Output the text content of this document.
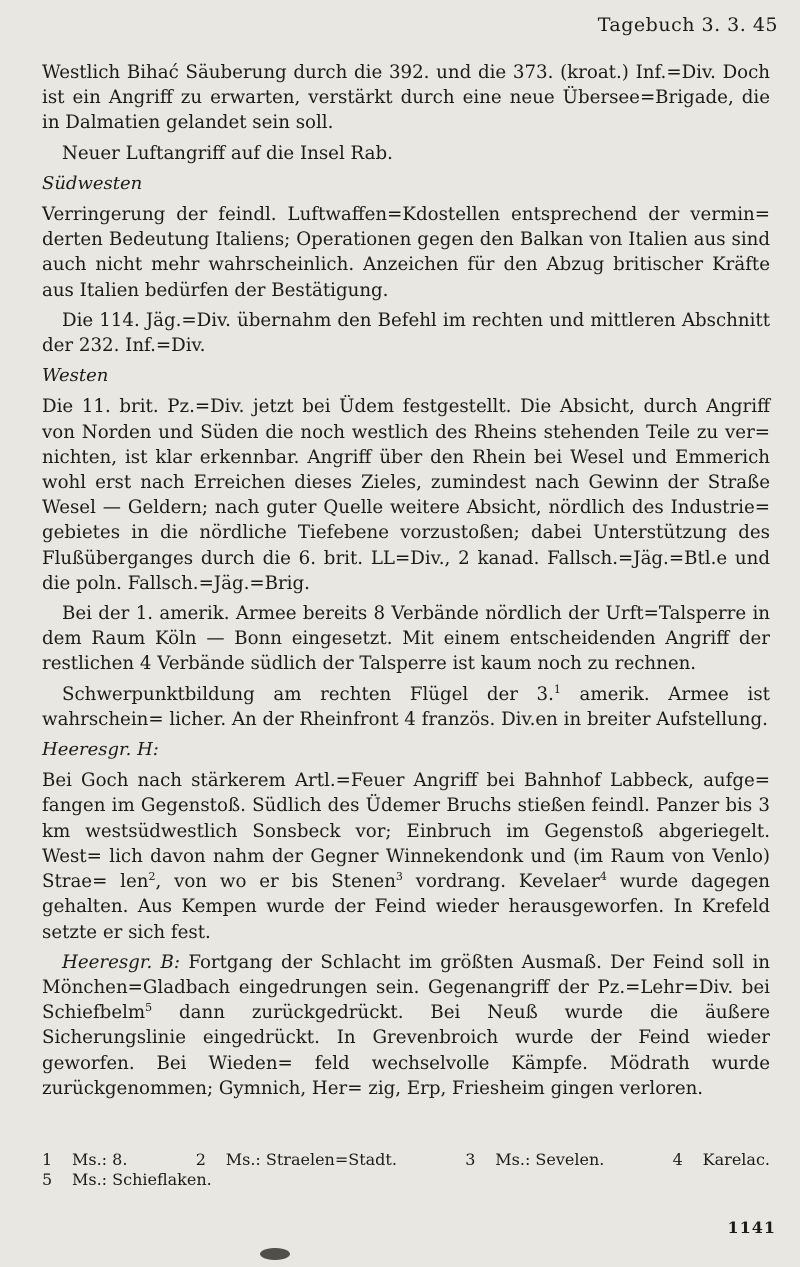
Tagebuch 3. 3. 45

Westlich Bihać Säuberung durch die 392. und die 373. (kroat.) Inf.=Div. Doch ist ein Angriff zu erwarten, verstärkt durch eine neue Übersee=Brigade, die in Dalmatien gelandet sein soll.

Neuer Luftangriff auf die Insel Rab.

Südwesten

Verringerung der feindl. Luftwaffen=Kdostellen entsprechend der vermin= derten Bedeutung Italiens; Operationen gegen den Balkan von Italien aus sind auch nicht mehr wahrscheinlich. Anzeichen für den Abzug britischer Kräfte aus Italien bedürfen der Bestätigung.

Die 114. Jäg.=Div. übernahm den Befehl im rechten und mittleren Abschnitt der 232. Inf.=Div.

Westen

Die 11. brit. Pz.=Div. jetzt bei Üdem festgestellt. Die Absicht, durch Angriff von Norden und Süden die noch westlich des Rheins stehenden Teile zu ver= nichten, ist klar erkennbar. Angriff über den Rhein bei Wesel und Emmerich wohl erst nach Erreichen dieses Zieles, zumindest nach Gewinn der Straße Wesel — Geldern; nach guter Quelle weitere Absicht, nördlich des Industrie= gebietes in die nördliche Tiefebene vorzustoßen; dabei Unterstützung des Flußüberganges durch die 6. brit. LL=Div., 2 kanad. Fallsch.=Jäg.=Btl.e und die poln. Fallsch.=Jäg.=Brig.

Bei der 1. amerik. Armee bereits 8 Verbände nördlich der Urft=Talsperre in dem Raum Köln — Bonn eingesetzt. Mit einem entscheidenden Angriff der restlichen 4 Verbände südlich der Talsperre ist kaum noch zu rechnen.

Schwerpunktbildung am rechten Flügel der 3.$^1$ amerik. Armee ist wahrschein= licher. An der Rheinfront 4 französ. Div.en in breiter Aufstellung.

Heeresgr. H:

Bei Goch nach stärkerem Artl.=Feuer Angriff bei Bahnhof Labbeck, aufge= fangen im Gegenstoß. Südlich des Üdemer Bruchs stießen feindl. Panzer bis 3 km westsüdwestlich Sonsbeck vor; Einbruch im Gegenstoß abgeriegelt. West= lich davon nahm der Gegner Winnekendonk und (im Raum von Venlo) Strae= len$^2$, von wo er bis Stenen$^3$ vordrang. Kevelaer$^4$ wurde dagegen gehalten. Aus Kempen wurde der Feind wieder herausgeworfen. In Krefeld setzte er sich fest.

Heeresgr. B: Fortgang der Schlacht im größten Ausmaß. Der Feind soll in Mönchen=Gladbach eingedrungen sein. Gegenangriff der Pz.=Lehr=Div. bei Schiefbelm$^5$ dann zurückgedrückt. Bei Neuß wurde die äußere Sicherungslinie eingedrückt. In Grevenbroich wurde der Feind wieder geworfen. Bei Wieden= feld wechselvolle Kämpfe. Mödrath wurde zurückgenommen; Gymnich, Her= zig, Erp, Friesheim gingen verloren.

1 Ms.: 8.	2 Ms.: Straelen=Stadt.	3 Ms.: Sevelen.	4 Karelac.
5 Ms.: Schieflaken.
1141
